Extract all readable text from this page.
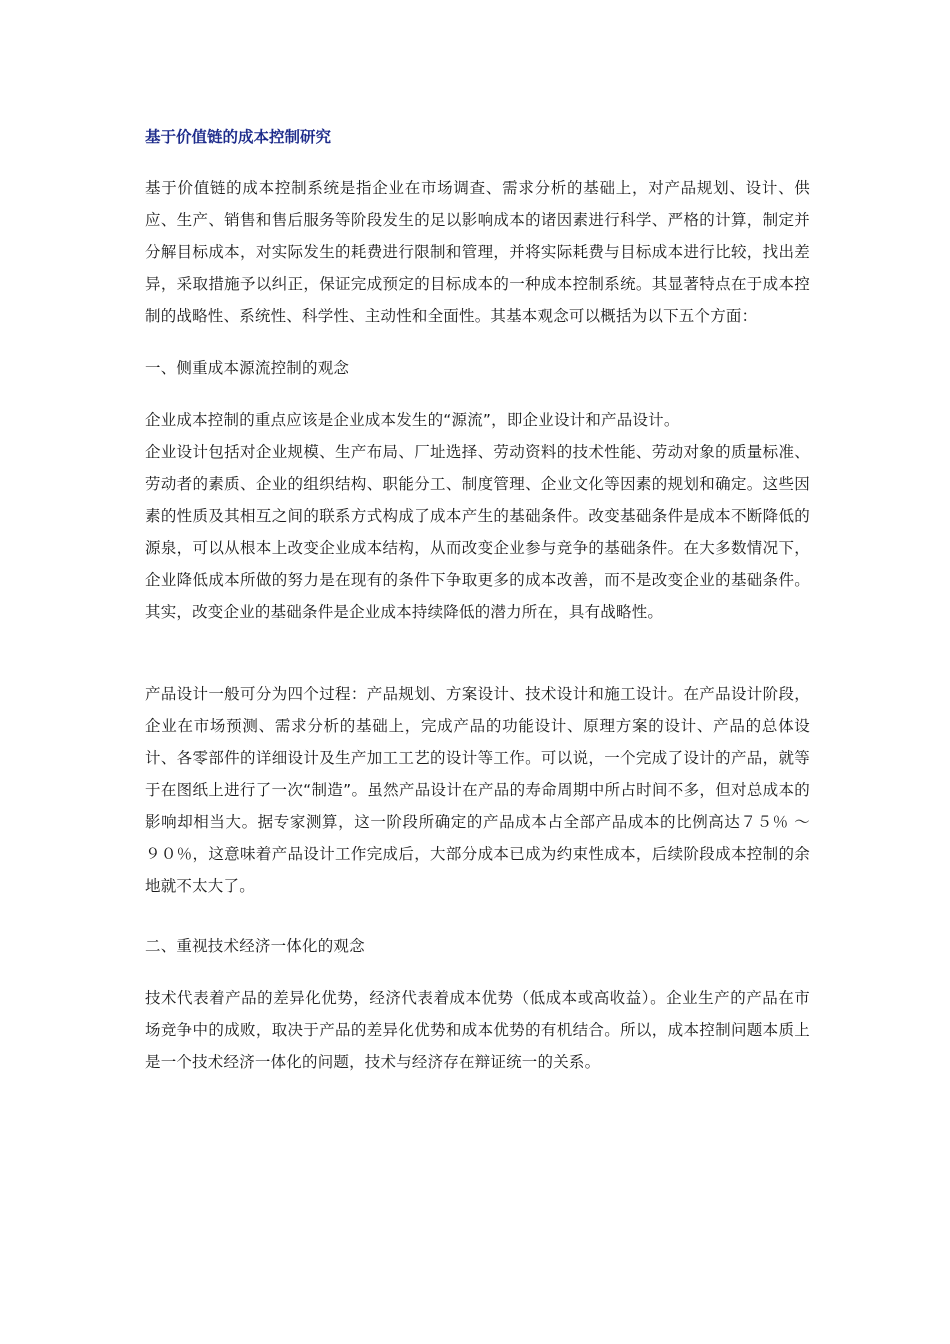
基于价值链的成本控制研究

基于价值链的成本控制系统是指企业在市场调查、需求分析的基础上，对产品规划、设计、供应、生产、销售和售后服务等阶段发生的足以影响成本的诸因素进行科学、严格的计算，制定并分解目标成本，对实际发生的耗费进行限制和管理，并将实际耗费与目标成本进行比较，找出差异，采取措施予以纠正，保证完成预定的目标成本的一种成本控制系统。其显著特点在于成本控制的战略性、系统性、科学性、主动性和全面性。其基本观念可以概括为以下五个方面：

一、侧重成本源流控制的观念

企业成本控制的重点应该是企业成本发生的“源流”，即企业设计和产品设计。

企业设计包括对企业规模、生产布局、厂址选择、劳动资料的技术性能、劳动对象的质量标准、劳动者的素质、企业的组织结构、职能分工、制度管理、企业文化等因素的规划和确定。这些因素的性质及其相互之间的联系方式构成了成本产生的基础条件。改变基础条件是成本不断降低的源泉，可以从根本上改变企业成本结构，从而改变企业参与竞争的基础条件。在大多数情况下，企业降低成本所做的努力是在现有的条件下争取更多的成本改善，而不是改变企业的基础条件。其实，改变企业的基础条件是企业成本持续降低的潜力所在，具有战略性。

产品设计一般可分为四个过程：产品规划、方案设计、技术设计和施工设计。在产品设计阶段，企业在市场预测、需求分析的基础上，完成产品的功能设计、原理方案的设计、产品的总体设计、各零部件的详细设计及生产加工工艺的设计等工作。可以说，一个完成了设计的产品，就等于在图纸上进行了一次“制造”。虽然产品设计在产品的寿命周期中所占时间不多，但对总成本的影响却相当大。据专家测算，这一阶段所确定的产品成本占全部产品成本的比例高达７５％ ～ ９０％，这意味着产品设计工作完成后，大部分成本已成为约束性成本，后续阶段成本控制的余地就不太大了。

二、重视技术经济一体化的观念

技术代表着产品的差异化优势，经济代表着成本优势（低成本或高收益）。企业生产的产品在市场竞争中的成败，取决于产品的差异化优势和成本优势的有机结合。所以，成本控制问题本质上是一个技术经济一体化的问题，技术与经济存在辩证统一的关系。
